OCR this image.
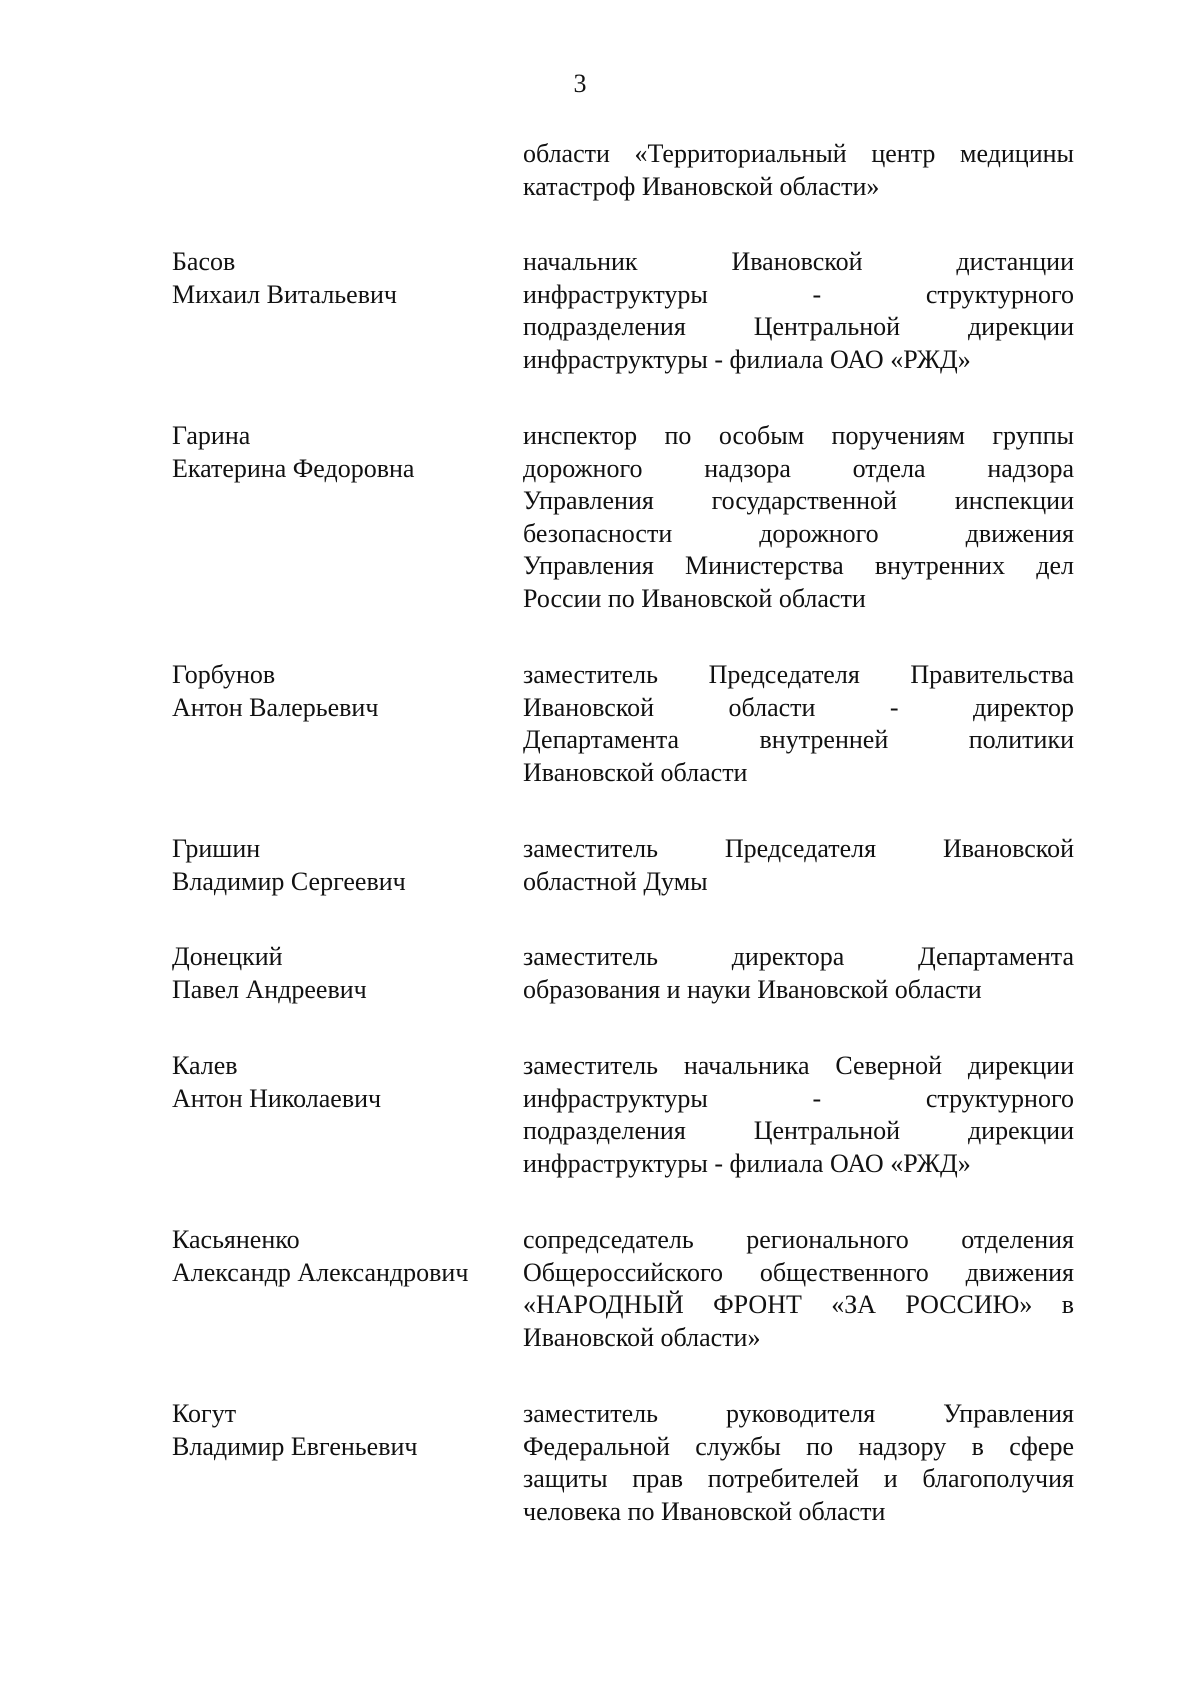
3
области «Территориальный центр медицины
катастроф Ивановской области»
Басов
Михаил Витальевич
начальник Ивановской дистанции
инфраструктуры - структурного
подразделения Центральной дирекции
инфраструктуры - филиала ОАО «РЖД»
Гарина
Екатерина Федоровна
инспектор по особым поручениям группы
дорожного надзора отдела надзора
Управления государственной инспекции
безопасности дорожного движения
Управления Министерства внутренних дел
России по Ивановской области
Горбунов
Антон Валерьевич
заместитель Председателя Правительства
Ивановской области - директор
Департамента внутренней политики
Ивановской области
Гришин
Владимир Сергеевич
заместитель Председателя Ивановской
областной Думы
Донецкий
Павел Андреевич
заместитель директора Департамента
образования и науки Ивановской области
Калев
Антон Николаевич
заместитель начальника Северной дирекции
инфраструктуры - структурного
подразделения Центральной дирекции
инфраструктуры - филиала ОАО «РЖД»
Касьяненко
Александр Александрович
сопредседатель регионального отделения
Общероссийского общественного движения
«НАРОДНЫЙ ФРОНТ «ЗА РОССИЮ» в
Ивановской области»
Когут
Владимир Евгеньевич
заместитель руководителя Управления
Федеральной службы по надзору в сфере
защиты прав потребителей и благополучия
человека по Ивановской области
